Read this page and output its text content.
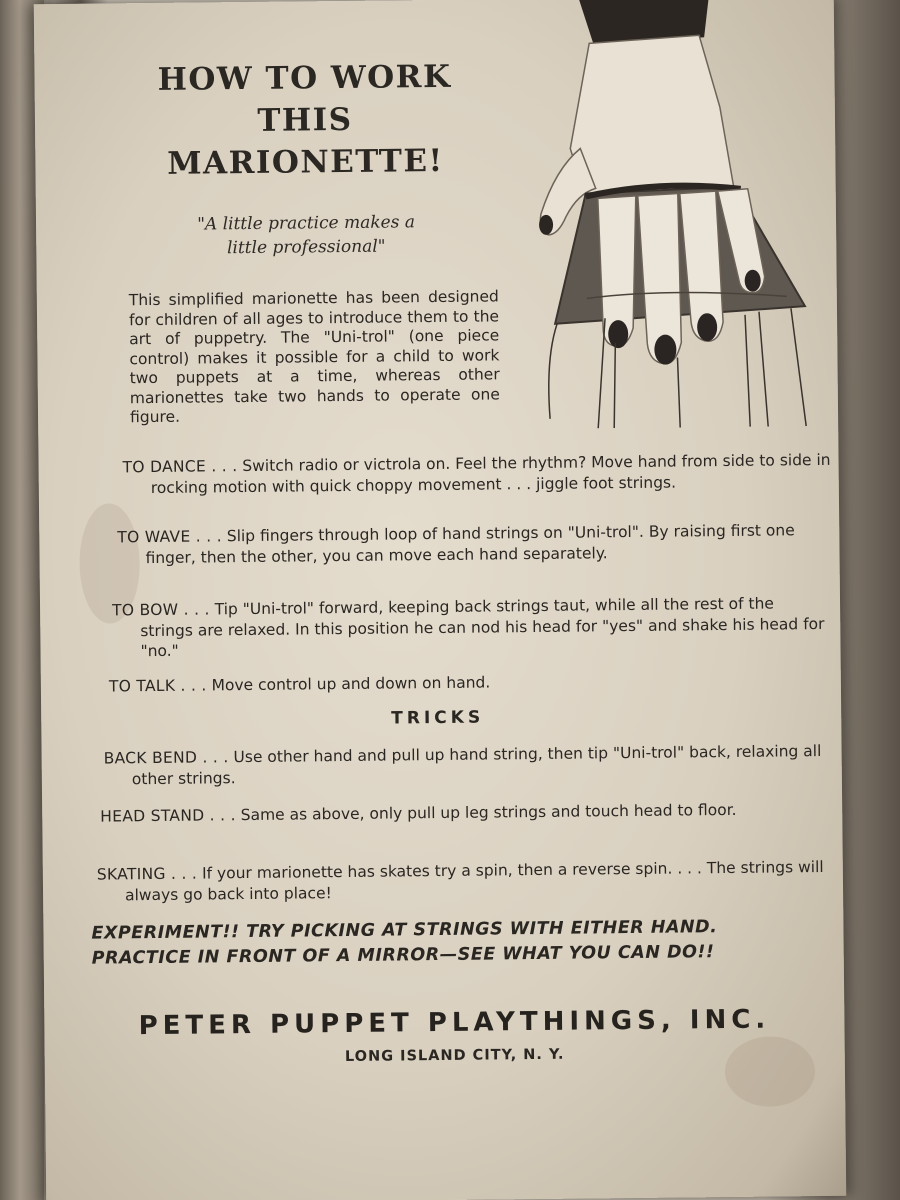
HOW TO WORK
THIS
MARIONETTE!
"A little practice makes a
little professional"
This simplified marionette has been designed for children of all ages to introduce them to the art of puppetry. The "Uni-trol" (one piece control) makes it possible for a child to work two puppets at a time, whereas other marionettes take two hands to operate one figure.
TO DANCE . . . Switch radio or victrola on. Feel the rhythm? Move hand from side to side in rocking motion with quick choppy movement . . . jiggle foot strings.
TO WAVE . . . Slip fingers through loop of hand strings on "Uni-trol". By raising first one finger, then the other, you can move each hand separately.
TO BOW . . . Tip "Uni-trol" forward, keeping back strings taut, while all the rest of the strings are relaxed. In this position he can nod his head for "yes" and shake his head for "no."
TO TALK . . . Move control up and down on hand.
TRICKS
BACK BEND . . . Use other hand and pull up hand string, then tip "Uni-trol" back, relaxing all other strings.
HEAD STAND . . . Same as above, only pull up leg strings and touch head to floor.
SKATING . . . If your marionette has skates try a spin, then a reverse spin. . . . The strings will always go back into place!
EXPERIMENT!! TRY PICKING AT STRINGS WITH EITHER HAND.
PRACTICE IN FRONT OF A MIRROR—SEE WHAT YOU CAN DO!!
PETER PUPPET PLAYTHINGS, INC.
LONG ISLAND CITY, N. Y.
